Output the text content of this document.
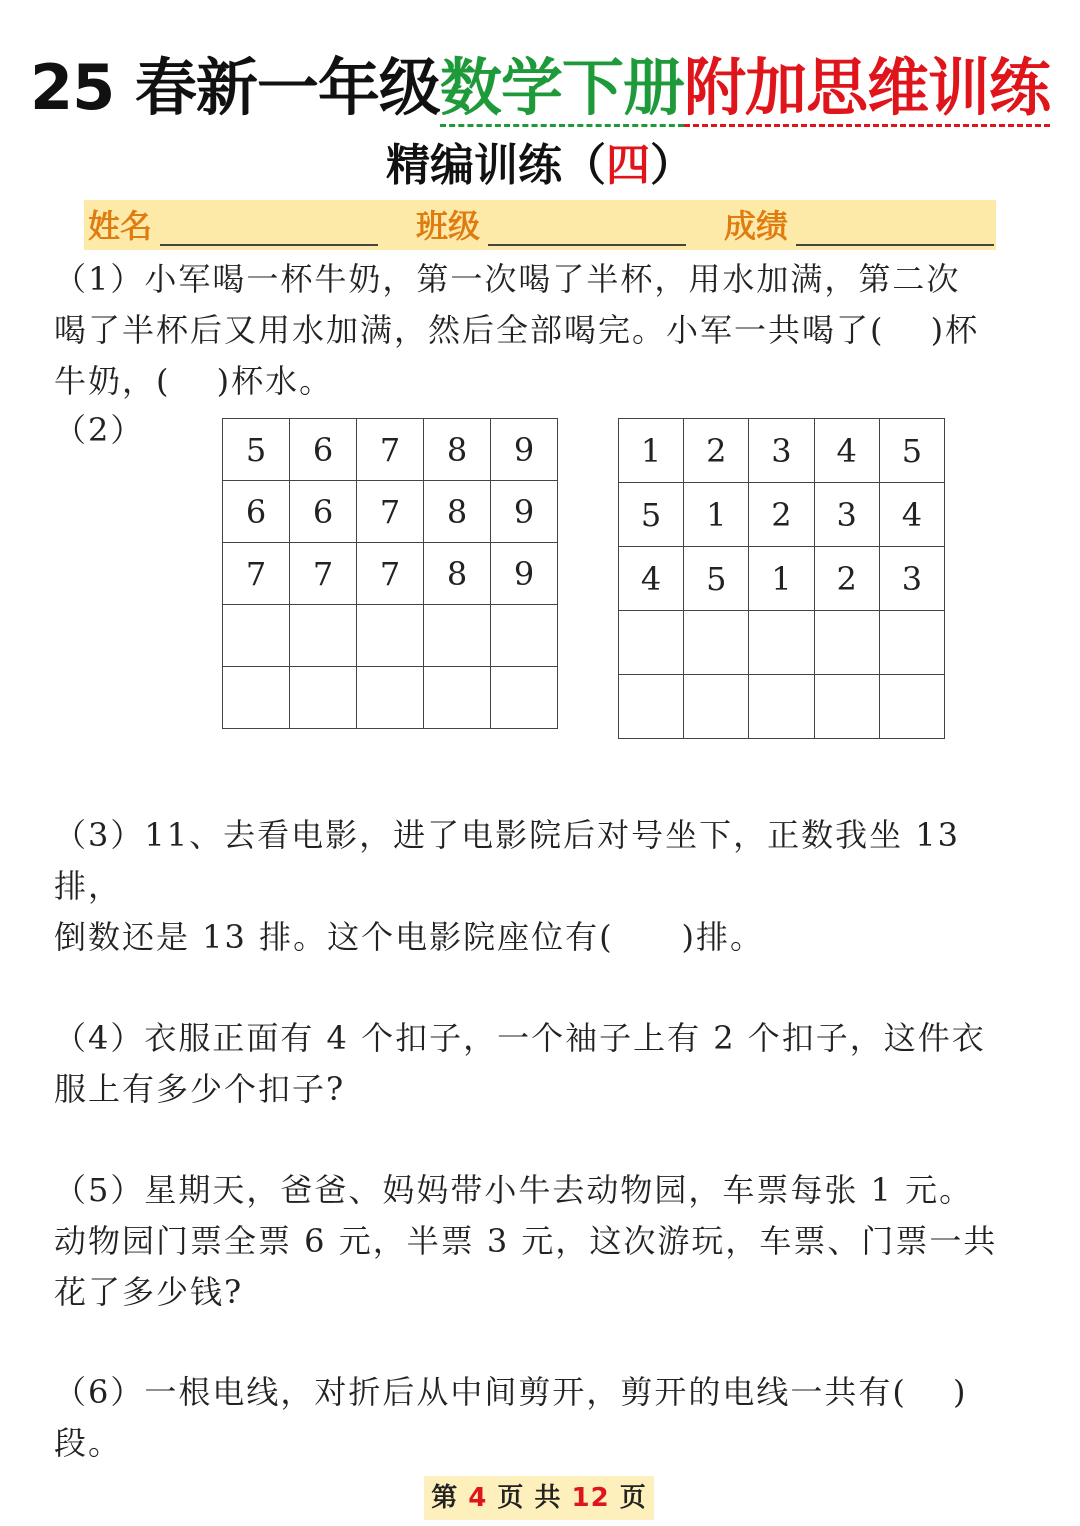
25 春新一年级数学下册附加思维训练
精编训练（四）
姓名	班级	成绩

（1）小军喝一杯牛奶，第一次喝了半杯，用水加满，第二次

喝了半杯后又用水加满，然后全部喝完。小军一共喝了(　 )杯

牛奶，(　 )杯水。

（2）
5	6	7	8	9
6	6	7	8	9
7	7	7	8	9

1	2	3	4	5
5	1	2	3	4
4	5	1	2	3

（3）11、去看电影，进了电影院后对号坐下，正数我坐 13 排，

倒数还是 13 排。这个电影院座位有(　　)排。

（4）衣服正面有 4 个扣子，一个袖子上有 2 个扣子，这件衣

服上有多少个扣子?

（5）星期天，爸爸、妈妈带小牛去动物园，车票每张 1 元。

动物园门票全票 6 元，半票 3 元，这次游玩，车票、门票一共

花了多少钱?

（6）一根电线，对折后从中间剪开，剪开的电线一共有(　 )

段。

第 4 页 共 12 页
